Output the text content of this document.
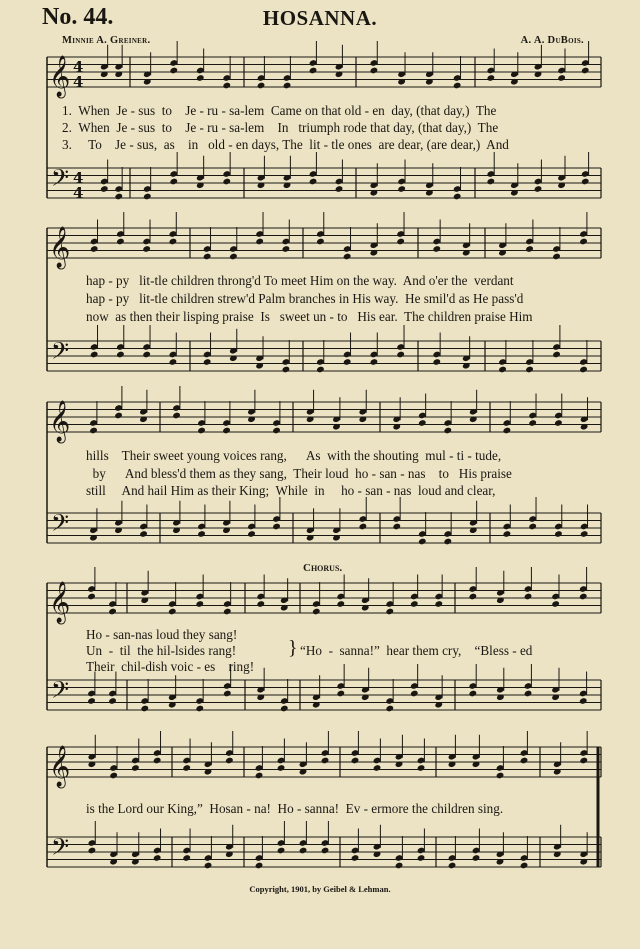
𝄞
𝄢
4
4
4
4
𝄞
𝄢
𝄞
𝄢
𝄞
𝄢
𝄞
𝄢
No. 44.	HOSANNA.
Minnie A. Greiner.	A. A. DuBois.
1.  When  Je - sus  to    Je - ru - sa-lem  Came on that old - en  day, (that day,)  The
2.  When  Je - sus  to    Je - ru - sa-lem    In   triumph rode that day, (that day,)  The
3.     To    Je - sus,  as    in   old - en days, The  lit - tle ones  are dear, (are dear,)  And
hap - py   lit-tle children throng'd To meet Him on the way.  And o'er the  verdant
hap - py   lit-tle children strew'd Palm branches in His way.  He smil'd as He pass'd
now  as then their lisping praise  Is   sweet un - to   His ear.  The children praise Him
hills    Their sweet young voices rang,      As  with the shouting  mul - ti - tude,
by      And bless'd them as they sang,  Their loud  ho - san - nas    to   His praise
still     And hail Him as their King;  While  in     ho - san - nas  loud and clear,
Chorus.
Ho - san-nas loud they sang!
Un  -  til  the hil-lsides rang!
Their  chil-dish voic - es    ring!
} “Ho  -  sanna!”  hear them cry,    “Bless - ed
is the Lord our King,”  Hosan - na!  Ho - sanna!  Ev - ermore the children sing.
Copyright, 1901, by Geibel & Lehman.
